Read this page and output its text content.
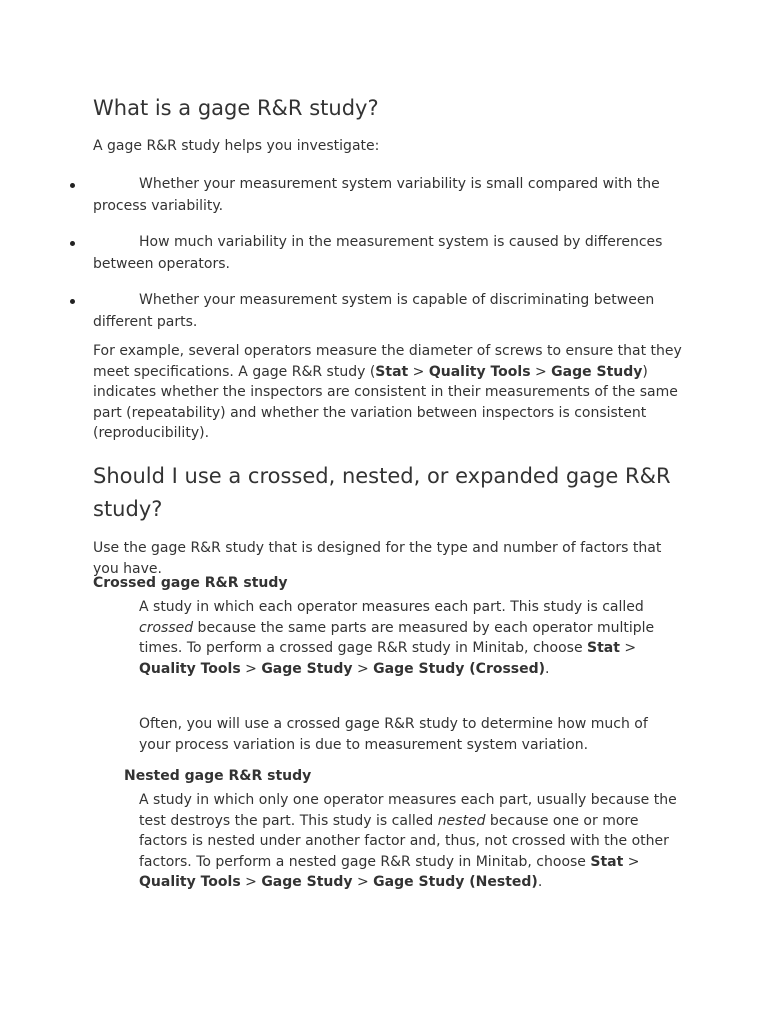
What is a gage R&R study?

A gage R&R study helps you investigate:

Whether your measurement system variability is small compared with the process variability.

How much variability in the measurement system is caused by differences between operators.

Whether your measurement system is capable of discriminating between different parts.

For example, several operators measure the diameter of screws to ensure that they meet specifications. A gage R&R study (Stat > Quality Tools > Gage Study) indicates whether the inspectors are consistent in their measurements of the same part (repeatability) and whether the variation between inspectors is consistent (reproducibility).

Should I use a crossed, nested, or expanded gage R&R study?

Use the gage R&R study that is designed for the type and number of factors that you have.

Crossed gage R&R study

A study in which each operator measures each part. This study is called crossed because the same parts are measured by each operator multiple times. To perform a crossed gage R&R study in Minitab, choose Stat > Quality Tools > Gage Study > Gage Study (Crossed).

Often, you will use a crossed gage R&R study to determine how much of your process variation is due to measurement system variation.

Nested gage R&R study

A study in which only one operator measures each part, usually because the test destroys the part. This study is called nested because one or more factors is nested under another factor and, thus, not crossed with the other factors. To perform a nested gage R&R study in Minitab, choose Stat > Quality Tools > Gage Study > Gage Study (Nested).
